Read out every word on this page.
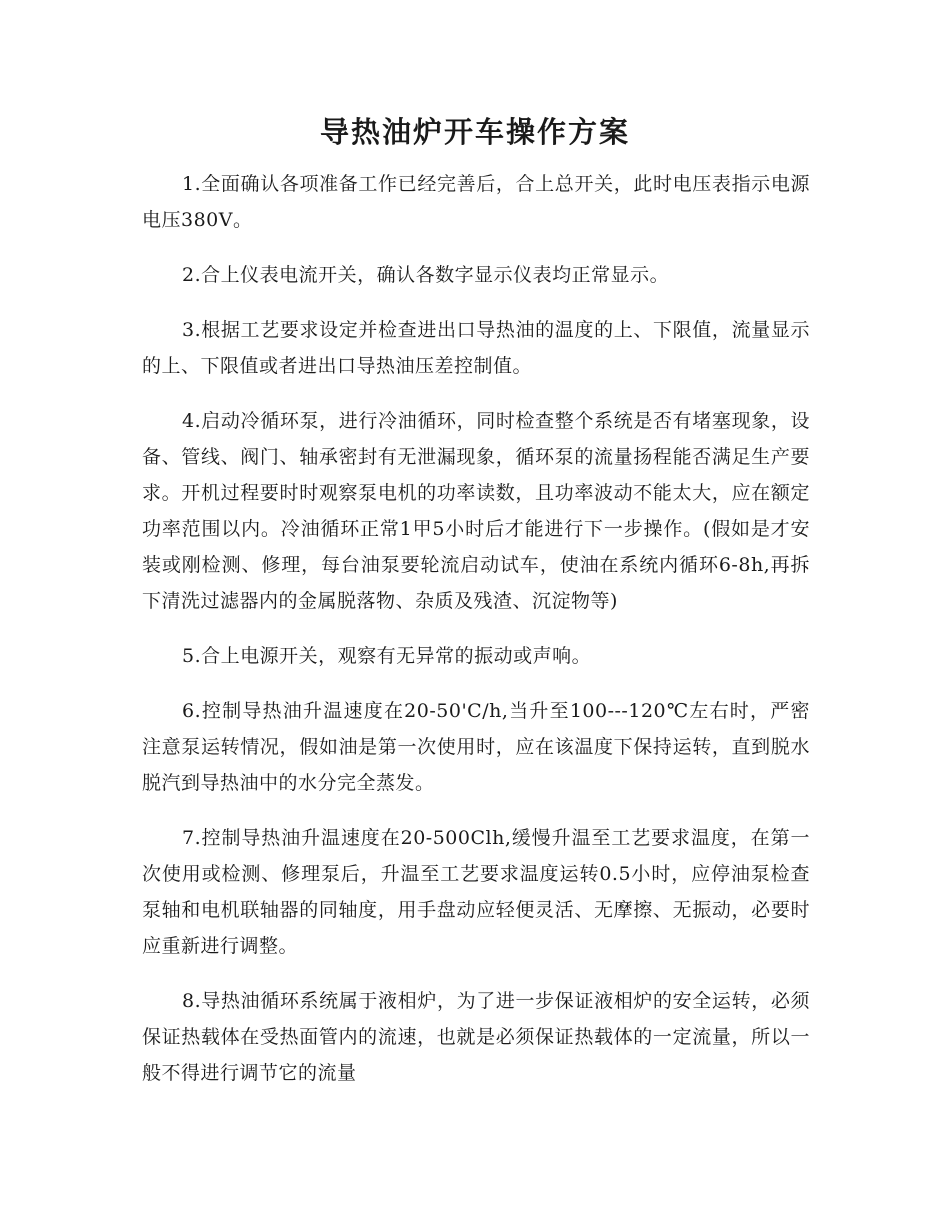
导热油炉开车操作方案

1.全面确认各项准备工作已经完善后，合上总开关，此时电压表指示电源电压380V。

2.合上仪表电流开关，确认各数字显示仪表均正常显示。

3.根据工艺要求设定并检查进出口导热油的温度的上、下限值，流量显示的上、下限值或者进出口导热油压差控制值。

4.启动冷循环泵，进行冷油循环，同时检查整个系统是否有堵塞现象，设备、管线、阀门、轴承密封有无泄漏现象，循环泵的流量扬程能否满足生产要求。开机过程要时时观察泵电机的功率读数，且功率波动不能太大，应在额定功率范围以内。冷油循环正常1甲5小时后才能进行下一步操作。(假如是才安装或刚检测、修理，每台油泵要轮流启动试车，使油在系统内循环6-8h,再拆下清洗过滤器内的金属脱落物、杂质及残渣、沉淀物等)

5.合上电源开关，观察有无异常的振动或声响。

6.控制导热油升温速度在20-50'C/h,当升至100---120℃左右时，严密注意泵运转情况，假如油是第一次使用时，应在该温度下保持运转，直到脱水脱汽到导热油中的水分完全蒸发。

7.控制导热油升温速度在20-500Clh,缓慢升温至工艺要求温度，在第一次使用或检测、修理泵后，升温至工艺要求温度运转0.5小时，应停油泵检查泵轴和电机联轴器的同轴度，用手盘动应轻便灵活、无摩擦、无振动，必要时应重新进行调整。

8.导热油循环系统属于液相炉，为了进一步保证液相炉的安全运转，必须保证热载体在受热面管内的流速，也就是必须保证热载体的一定流量，所以一般不得进行调节它的流量
